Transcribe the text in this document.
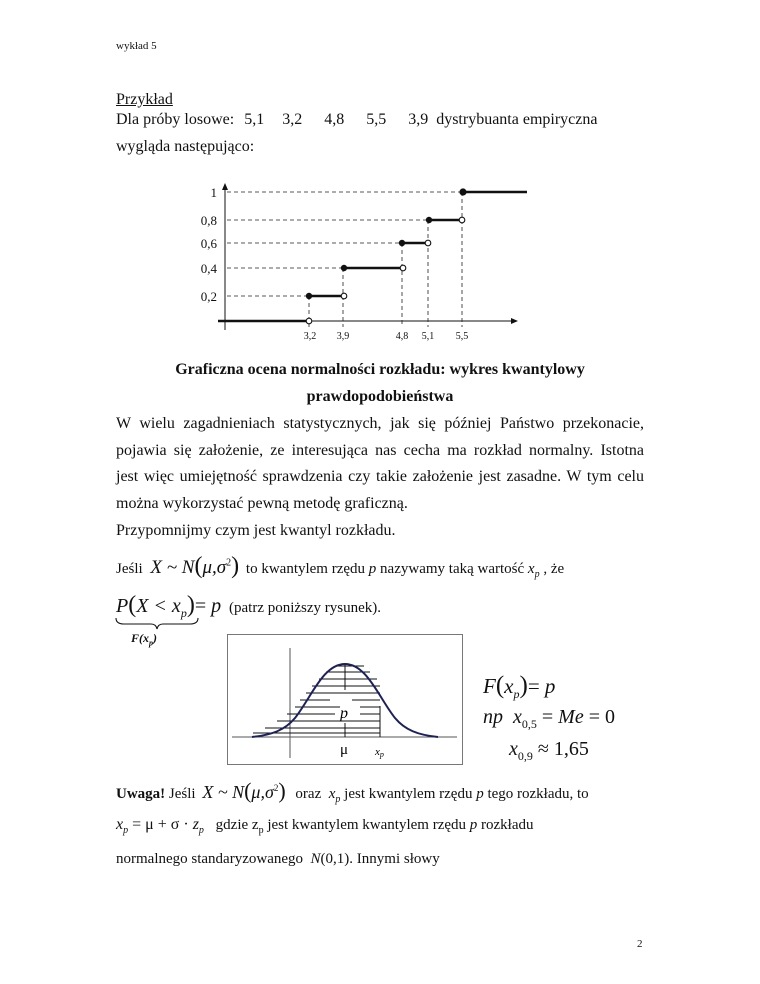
wykład 5
Przykład
Dla próby losowe: 5,1 3,2 4,8 5,5 3,9 dystrybuanta empiryczna
wygląda następująco:
1
0,8
0,6
0,4
0,2
3,2 3,9	4,8 5,1 5,5
Graficzna ocena normalności rozkładu: wykres kwantylowy
prawdopodobieństwa
W wielu zagadnieniach statystycznych, jak się później Państwo przekonacie,
pojawia się założenie, ze interesująca nas cecha ma rozkład normalny. Istotna
jest więc umiejętność sprawdzenia czy takie założenie jest zasadne. W tym celu
można wykorzystać pewną metodę graficzną.
Przypomnijmy czym jest kwantyl rozkładu.
Jeśli X ~ $N(\mu,\sigma^2)$ to kwantylem rzędu p nazywamy taką wartość $x_p$ , że
$P(X < x_p)= p$ (patrz poniższy rysunek).
$F(x_p)$
p
μ xp
$F(x_p)= p$
np  $x_{0,5} = Me = 0$
$x_{0,9} \approx 1,65$
Uwaga! Jeśli X ~ $N(\mu,\sigma^2)$ oraz  $x_p$ jest kwantylem rzędu p tego rozkładu, to
$x_p = \mu + \sigma \cdot z_p$ gdzie $z_p$ jest kwantylem kwantylem rzędu p rozkładu
normalnego standaryzowanego  N(0,1). Innymi słowy
2
